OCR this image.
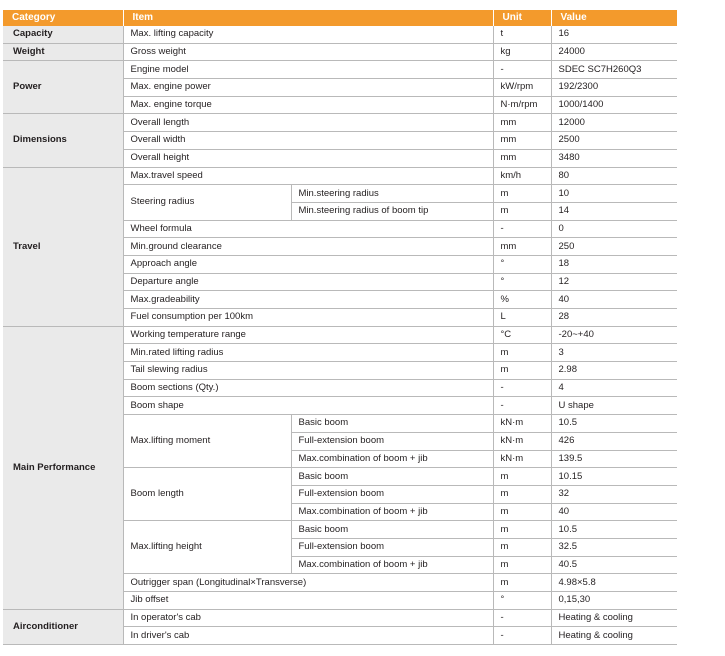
Category	Item		Unit	Value
Capacity	Max. lifting capacity		t	16
Weight	Gross weight		kg	24000
Power	Engine model		-	SDEC SC7H260Q3
	Max. engine power		kW/rpm	192/2300
	Max. engine torque		N·m/rpm	1000/1400
Dimensions	Overall length		mm	12000
	Overall width		mm	2500
	Overall height		mm	3480
Travel	Max.travel speed		km/h	80
	Steering radius	Min.steering radius	m	10
		Min.steering radius of boom tip	m	14
	Wheel formula		-	0
	Min.ground clearance		mm	250
	Approach angle		°	18
	Departure angle		°	12
	Max.gradeability		%	40
	Fuel consumption per 100km		L	28
Main Performance	Working temperature range		°C	-20~+40
	Min.rated lifting radius		m	3
	Tail slewing radius		m	2.98
	Boom sections (Qty.)		-	4
	Boom shape		-	U shape
	Max.lifting moment	Basic boom	kN·m	10.5
		Full-extension boom	kN·m	426
		Max.combination of boom + jib	kN·m	139.5
	Boom length	Basic boom	m	10.15
		Full-extension boom	m	32
		Max.combination of boom + jib	m	40
	Max.lifting height	Basic boom	m	10.5
		Full-extension boom	m	32.5
		Max.combination of boom + jib	m	40.5
	Outrigger span (Longitudinal×Transverse)		m	4.98×5.8
	Jib offset		°	0,15,30
Airconditioner	In operator's cab		-	Heating & cooling
	In driver's cab		-	Heating & cooling
